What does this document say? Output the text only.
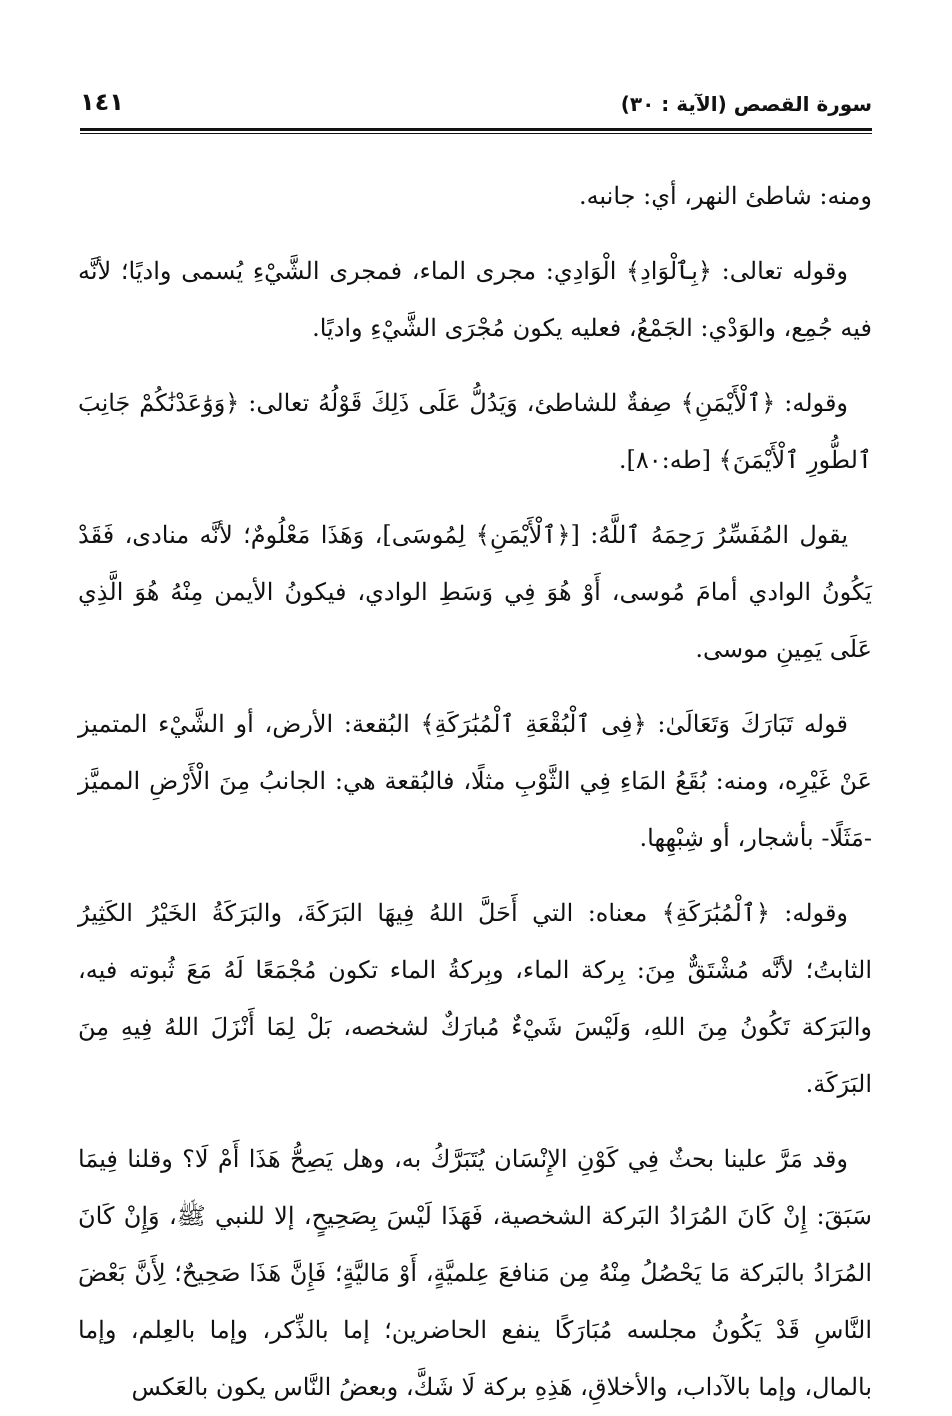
سورة القصص (الآية : ٣٠)
١٤١

ومنه: شاطئ النهر، أي: جانبه.

وقوله تعالى: ﴿بِٱلْوَادِ﴾ الْوَادِي: مجرى الماء، فمجرى الشَّيْءِ يُسمى واديًا؛ لأنَّه فيه جُمِع، والوَدْي: الجَمْعُ، فعليه يكون مُجْرَى الشَّيْءِ واديًا.

وقوله: ﴿ٱلْأَيْمَنِ﴾ صِفةٌ للشاطئ، وَيَدُلُّ عَلَى ذَلِكَ قَوْلُهُ تعالى: ﴿وَوَٰعَدْنَٰكُمْ جَانِبَ ٱلطُّورِ ٱلْأَيْمَنَ﴾ [طه:٨٠].

يقول المُفَسِّرُ رَحِمَهُ ٱللَّهُ: [﴿ٱلْأَيْمَنِ﴾ لِمُوسَى]، وَهَذَا مَعْلُومٌ؛ لأنَّه منادى، فَقَدْ يَكُونُ الوادي أمامَ مُوسى، أَوْ هُوَ فِي وَسَطِ الوادي، فيكونُ الأيمن مِنْهُ هُوَ الَّذِي عَلَى يَمِينِ موسى.

قوله تَبَارَكَ وَتَعَالَىٰ: ﴿فِى ٱلْبُقْعَةِ ٱلْمُبَٰرَكَةِ﴾ البُقعة: الأرض، أو الشَّيْء المتميز عَنْ غَيْرِه، ومنه: بُقَعُ المَاءِ فِي الثَّوْبِ مثلًا، فالبُقعة هي: الجانبُ مِنَ الْأَرْضِ المميَّز -مَثَلًا- بأشجار، أو شِبْهِها.

وقوله: ﴿ٱلْمُبَٰرَكَةِ﴾ معناه: التي أَحَلَّ اللهُ فِيهَا البَرَكَةَ، والبَرَكَةُ الخَيْرُ الكَثِيرُ الثابتُ؛ لأنَّه مُشْتَقٌّ مِنَ: بِركة الماء، وبِركةُ الماء تكون مُجْمَعًا لَهُ مَعَ ثُبوته فيه، والبَرَكة تَكُونُ مِنَ اللهِ، وَلَيْسَ شَيْءٌ مُبارَكٌ لشخصه، بَلْ لِمَا أَنْزَلَ اللهُ فِيهِ مِنَ البَرَكَة.

وقد مَرَّ علينا بحثٌ فِي كَوْنِ الإِنْسَان يُتَبَرَّكُ به، وهل يَصِحُّ هَذَا أَمْ لَا؟ وقلنا فِيمَا سَبَقَ: إِنْ كَانَ المُرَادُ البَركة الشخصية، فَهَذَا لَيْسَ بِصَحِيحٍ، إلا للنبي ﷺ، وَإِنْ كَانَ المُرَادُ بالبَركة مَا يَحْصُلُ مِنْهُ مِن مَنافعَ عِلميَّةٍ، أَوْ مَاليَّةٍ؛ فَإِنَّ هَذَا صَحِيحٌ؛ لِأَنَّ بَعْضَ النَّاسِ قَدْ يَكُونُ مجلسه مُبَارَكًا ينفع الحاضرين؛ إما بالذِّكر، وإما بالعِلم، وإما بالمال، وإما بالآداب، والأخلاقِ، هَذِهِ بركة لَا شَكَّ، وبعضُ النَّاس يكون بالعَكس
